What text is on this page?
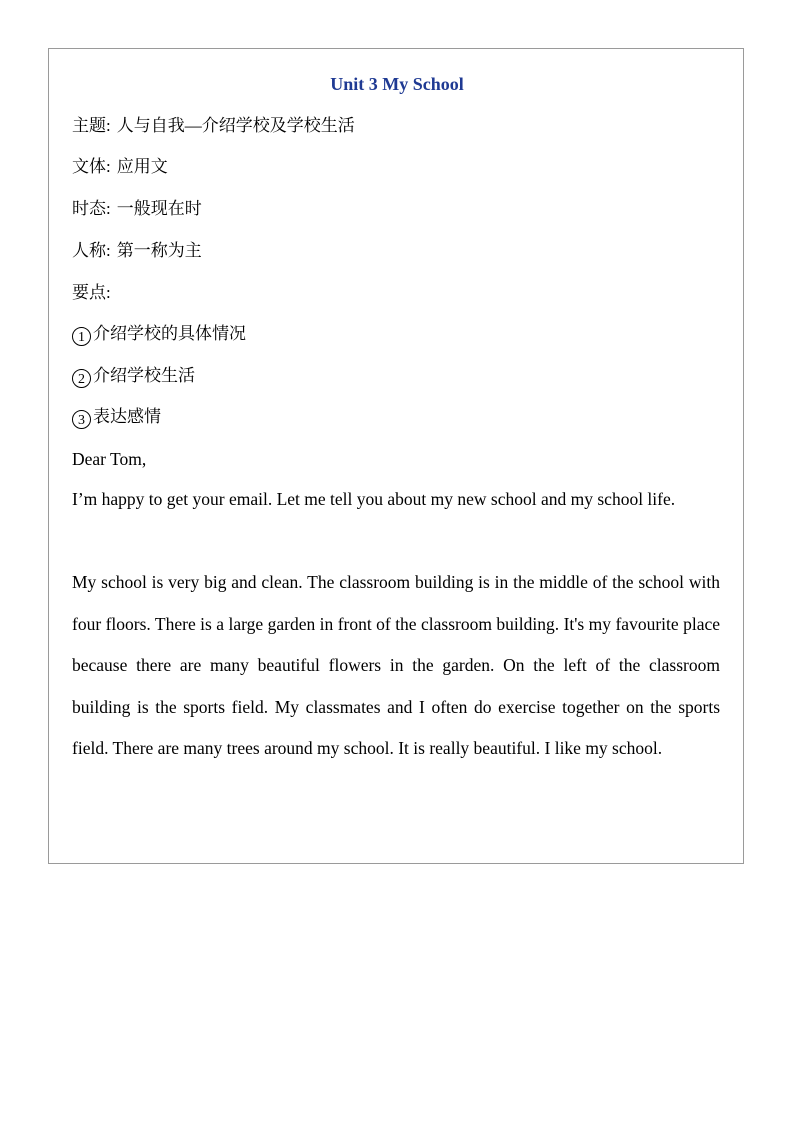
Unit 3 My School
主题: 人与自我—介绍学校及学校生活
文体: 应用文
时态: 一般现在时
人称: 第一称为主
要点:
1 介绍学校的具体情况
2 介绍学校生活
3 表达感情
Dear Tom,

I’m happy to get your email. Let me tell you about my new school and my school life.

My school is very big and clean. The classroom building is in the middle of the school with four floors. There is a large garden in front of the classroom building. It's my favourite place because there are many beautiful flowers in the garden. On the left of the classroom building is the sports field. My classmates and I often do exercise together on the sports field. There are many trees around my school. It is really beautiful. I like my school.
